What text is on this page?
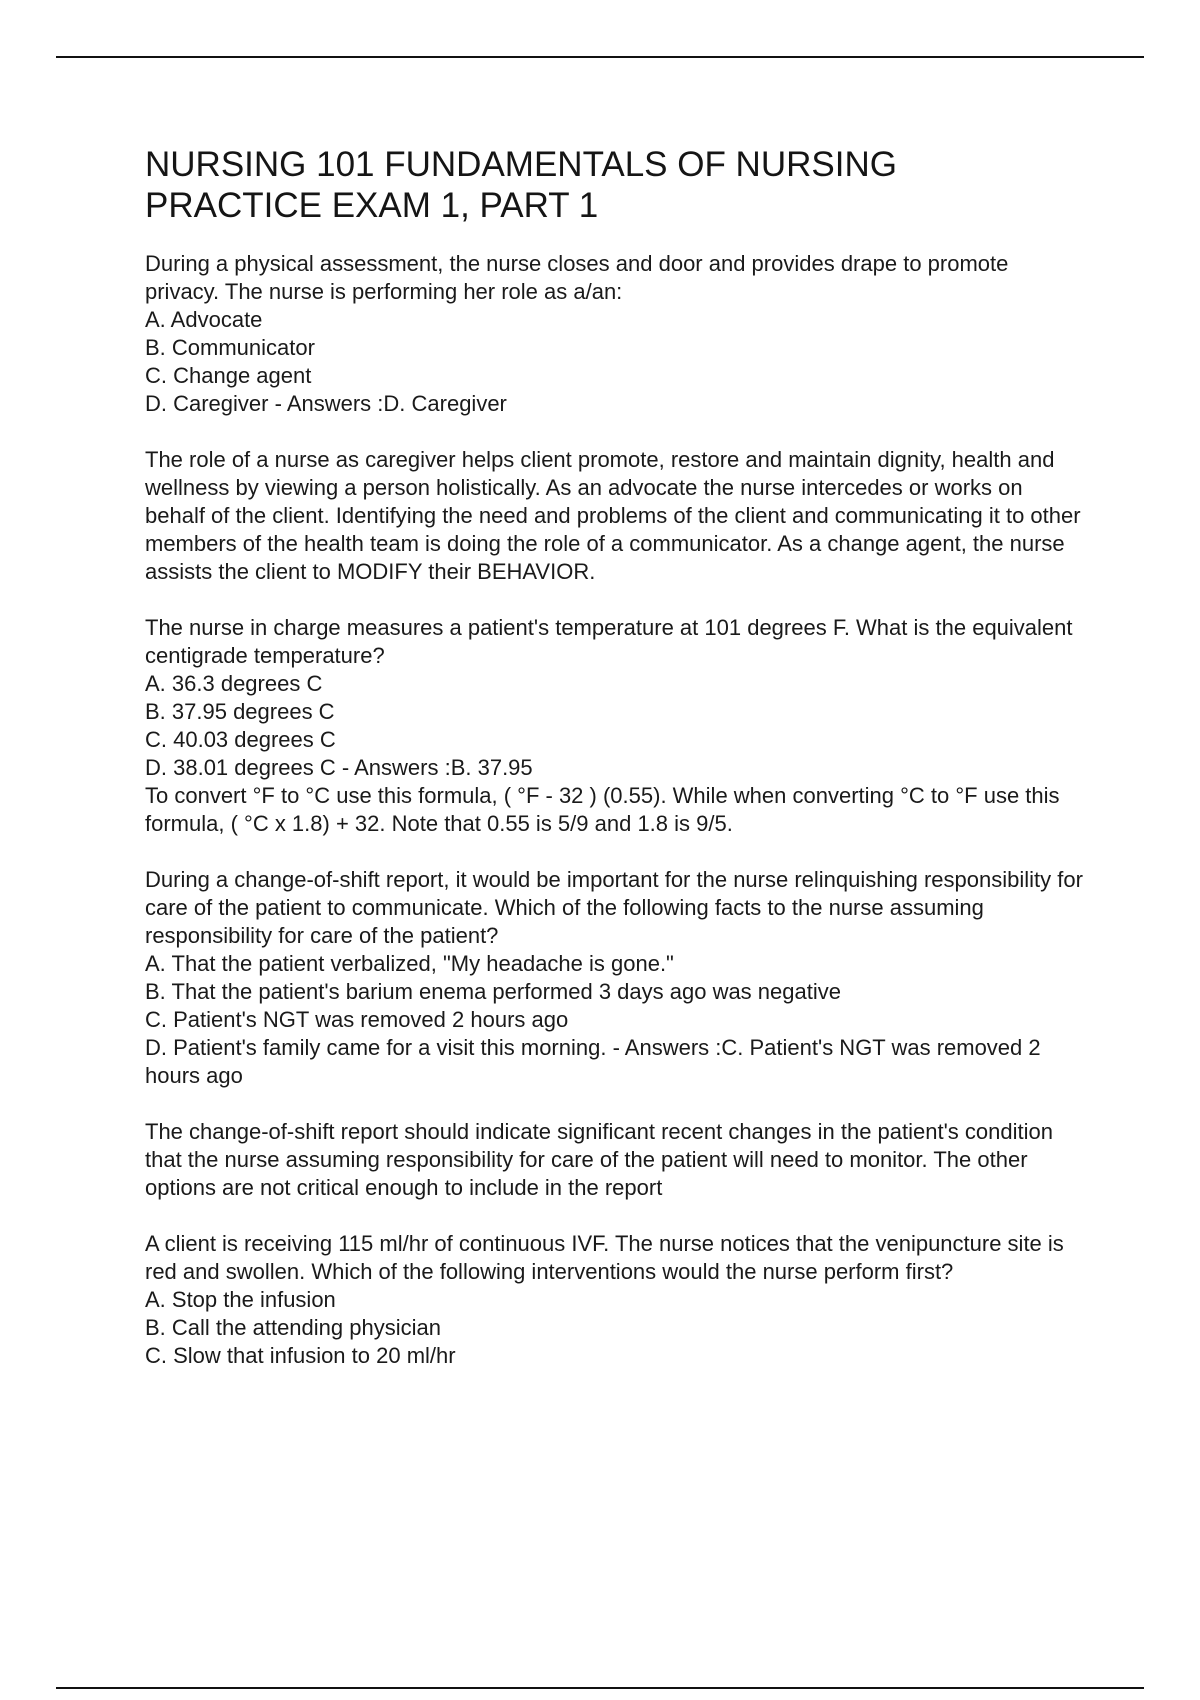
NURSING 101 FUNDAMENTALS OF NURSING
PRACTICE EXAM 1, PART 1

During a physical assessment, the nurse closes and door and provides drape to promote privacy. The nurse is performing her role as a/an:

A. Advocate

B. Communicator

C. Change agent

D. Caregiver - Answers :D. Caregiver

The role of a nurse as caregiver helps client promote, restore and maintain dignity, health and wellness by viewing a person holistically. As an advocate the nurse intercedes or works on behalf of the client. Identifying the need and problems of the client and communicating it to other members of the health team is doing the role of a communicator. As a change agent, the nurse assists the client to MODIFY their BEHAVIOR.

The nurse in charge measures a patient's temperature at 101 degrees F. What is the equivalent centigrade temperature?

A. 36.3 degrees C

B. 37.95 degrees C

C. 40.03 degrees C

D. 38.01 degrees C - Answers :B. 37.95

To convert °F to °C use this formula, ( °F - 32 ) (0.55). While when converting °C to °F use this formula, ( °C x 1.8) + 32. Note that 0.55 is 5/9 and 1.8 is 9/5.

During a change-of-shift report, it would be important for the nurse relinquishing responsibility for care of the patient to communicate. Which of the following facts to the nurse assuming responsibility for care of the patient?

A. That the patient verbalized, "My headache is gone."

B. That the patient's barium enema performed 3 days ago was negative

C. Patient's NGT was removed 2 hours ago

D. Patient's family came for a visit this morning. - Answers :C. Patient's NGT was removed 2 hours ago

The change-of-shift report should indicate significant recent changes in the patient's condition that the nurse assuming responsibility for care of the patient will need to monitor. The other options are not critical enough to include in the report

A client is receiving 115 ml/hr of continuous IVF. The nurse notices that the venipuncture site is red and swollen. Which of the following interventions would the nurse perform first?

A. Stop the infusion

B. Call the attending physician

C. Slow that infusion to 20 ml/hr
